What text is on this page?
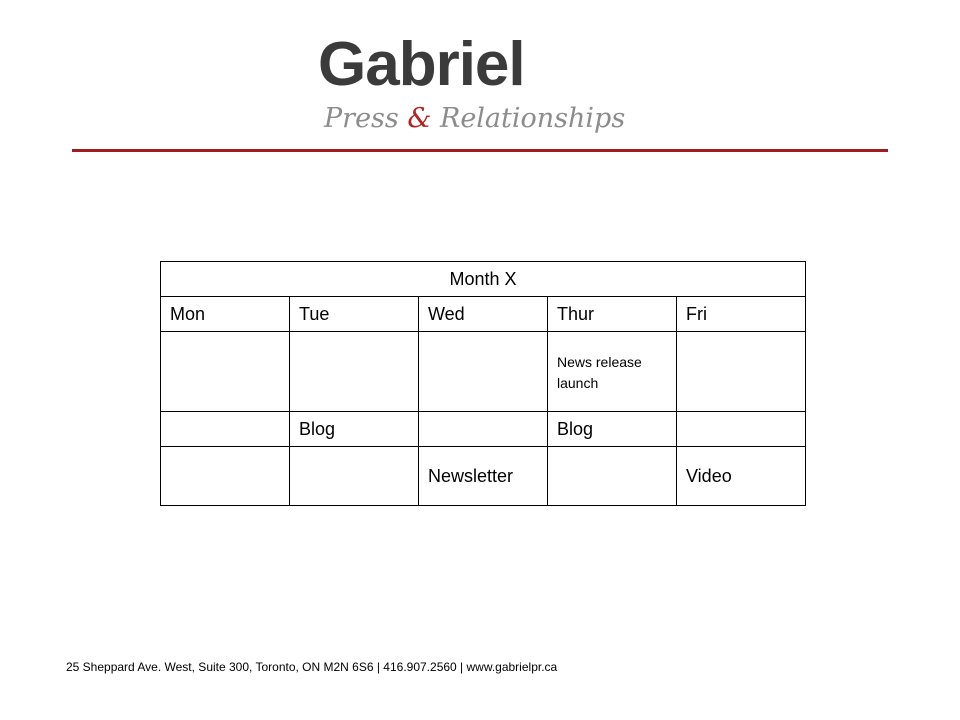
Gabriel
Press & Relationships
Month X				
Mon	Tue	Wed	Thur	Fri
			News release launch	
	Blog		Blog	
		Newsletter		Video
25 Sheppard Ave. West, Suite 300, Toronto, ON M2N 6S6 | 416.907.2560 | www.gabrielpr.ca
